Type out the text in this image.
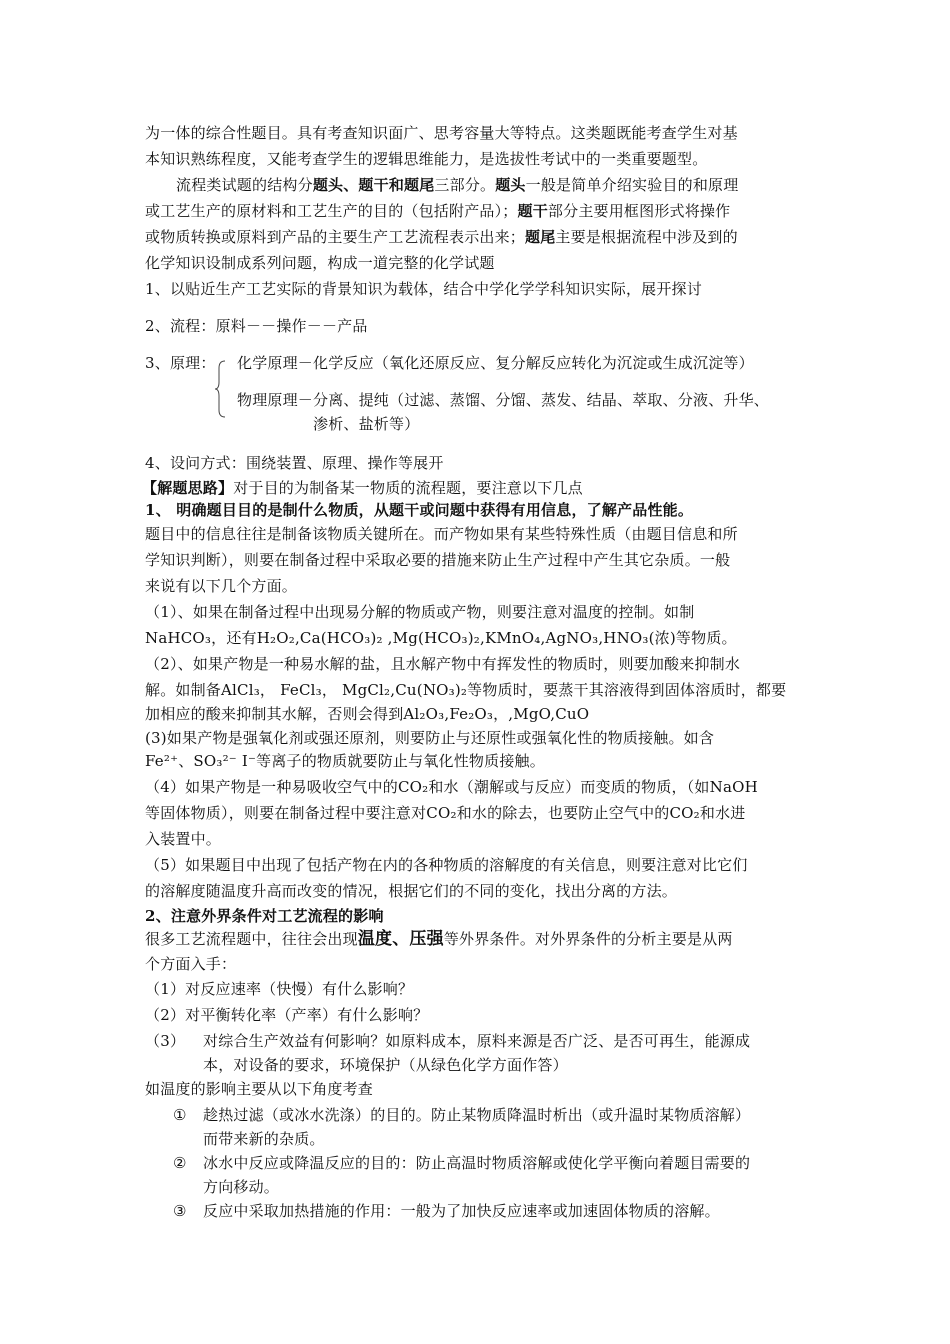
为一体的综合性题目。具有考查知识面广、思考容量大等特点。这类题既能考查学生对基
本知识熟练程度，又能考查学生的逻辑思维能力，是选拔性考试中的一类重要题型。
流程类试题的结构分题头、题干和题尾三部分。题头一般是简单介绍实验目的和原理
或工艺生产的原材料和工艺生产的目的（包括附产品）；题干部分主要用框图形式将操作
或物质转换或原料到产品的主要生产工艺流程表示出来；题尾主要是根据流程中涉及到的
化学知识设制成系列问题，构成一道完整的化学试题
1、以贴近生产工艺实际的背景知识为载体，结合中学化学学科知识实际，展开探讨
2、流程：原料－－操作－－产品
3、原理： 化学原理－化学反应（氧化还原反应、复分解反应转化为沉淀或生成沉淀等）
物理原理－分离、提纯（过滤、蒸馏、分馏、蒸发、结晶、萃取、分液、升华、
渗析、盐析等）
4、设问方式：围绕装置、原理、操作等展开
【解题思路】对于目的为制备某一物质的流程题，要注意以下几点
1、 明确题目目的是制什么物质，从题干或问题中获得有用信息，了解产品性能。
题目中的信息往往是制备该物质关键所在。而产物如果有某些特殊性质（由题目信息和所
学知识判断），则要在制备过程中采取必要的措施来防止生产过程中产生其它杂质。一般
来说有以下几个方面。
（1）、如果在制备过程中出现易分解的物质或产物，则要注意对温度的控制。如制
NaHCO₃，还有H₂O₂,Ca(HCO₃)₂ ,Mg(HCO₃)₂,KMnO₄,AgNO₃,HNO₃(浓)等物质。
（2）、如果产物是一种易水解的盐，且水解产物中有挥发性的物质时，则要加酸来抑制水
解。如制备AlCl₃， FeCl₃， MgCl₂,Cu(NO₃)₂等物质时，要蒸干其溶液得到固体溶质时，都要
加相应的酸来抑制其水解，否则会得到Al₂O₃,Fe₂O₃，,MgO,CuO
(3)如果产物是强氧化剂或强还原剂，则要防止与还原性或强氧化性的物质接触。如含
Fe²⁺、SO₃²⁻ I⁻等离子的物质就要防止与氧化性物质接触。
（4）如果产物是一种易吸收空气中的CO₂和水（潮解或与反应）而变质的物质，（如NaOH
等固体物质），则要在制备过程中要注意对CO₂和水的除去，也要防止空气中的CO₂和水进
入装置中。
（5）如果题目中出现了包括产物在内的各种物质的溶解度的有关信息，则要注意对比它们
的溶解度随温度升高而改变的情况，根据它们的不同的变化，找出分离的方法。
2、注意外界条件对工艺流程的影响
很多工艺流程题中，往往会出现温度、压强等外界条件。对外界条件的分析主要是从两
个方面入手：
（1）对反应速率（快慢）有什么影响？
（2）对平衡转化率（产率）有什么影响？
（3） 对综合生产效益有何影响？如原料成本，原料来源是否广泛、是否可再生，能源成
本，对设备的要求，环境保护（从绿色化学方面作答）
如温度的影响主要从以下角度考查
① 趁热过滤（或冰水洗涤）的目的。防止某物质降温时析出（或升温时某物质溶解）
而带来新的杂质。
② 冰水中反应或降温反应的目的：防止高温时物质溶解或使化学平衡向着题目需要的
方向移动。
③ 反应中采取加热措施的作用：一般为了加快反应速率或加速固体物质的溶解。
